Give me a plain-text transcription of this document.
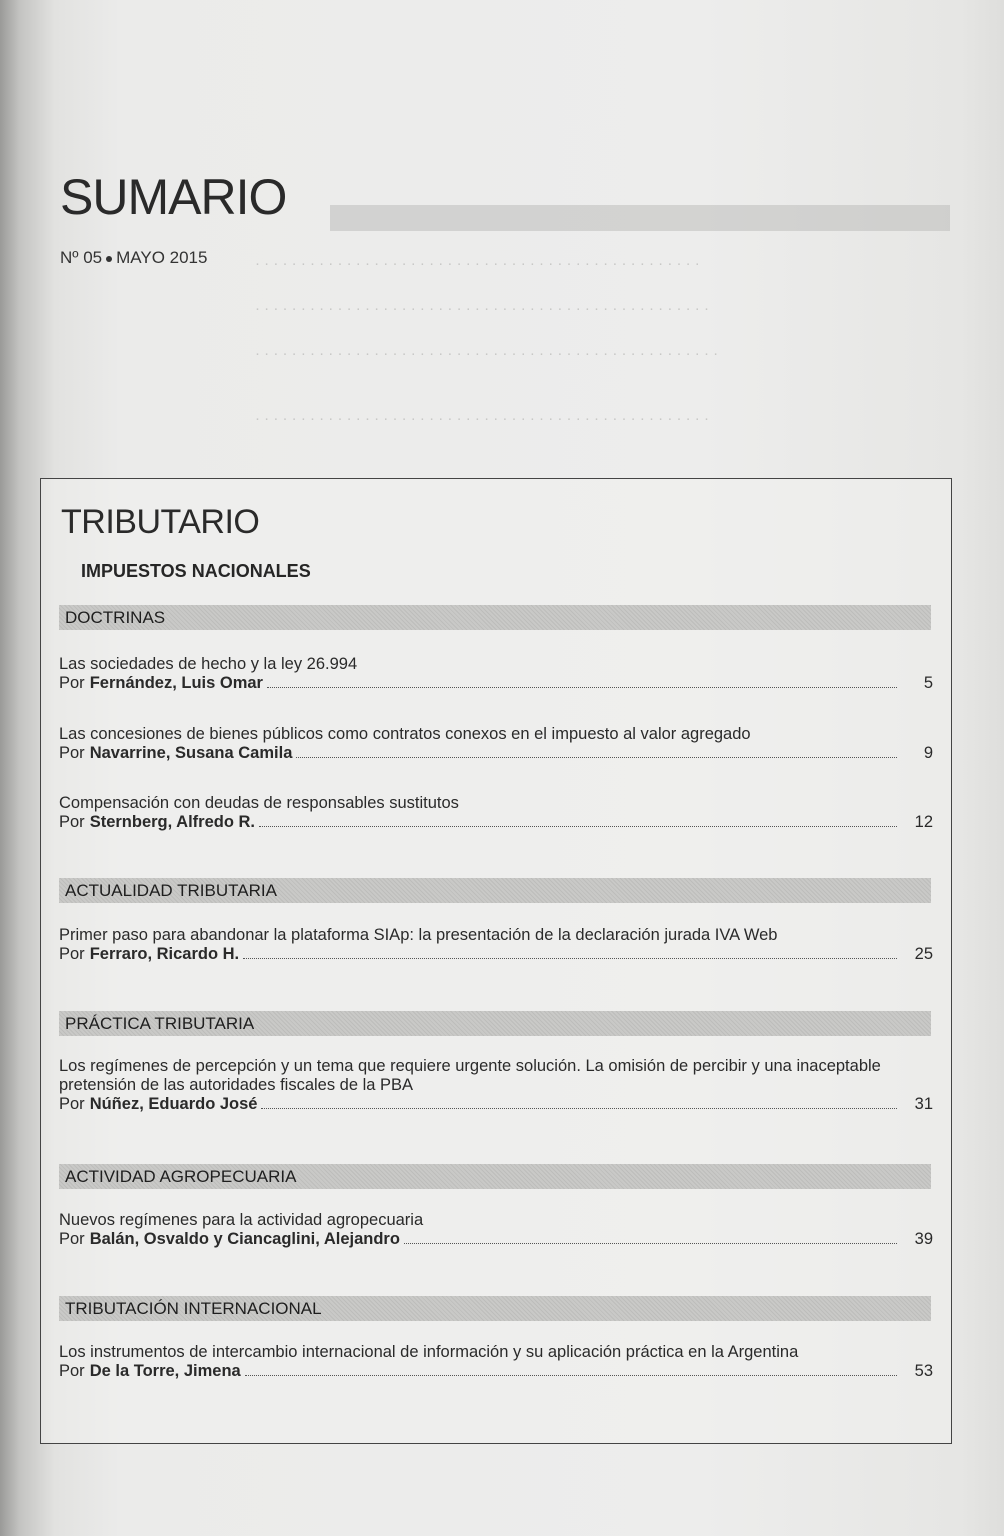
· · · · · · · · · · · · · · · · · · · · · · · · · · · · · · · · · · · · · · · · · · · · · · · · ·
· · · · · · · · · · · · · · · · · · · · · · · · · · · · · · · · · · · · · · · · · · · · · · · · · ·
· · · · · · · · · · · · · · · · · · · · · · · · · · · · · · · · · · · · · · · · · · · · · · · · · · ·
· · · · · · · · · · · · · · · · · · · · · · · · · · · · · · · · · · · · · · · · · · · · · · · · · ·
SUMARIO
Nº 05 MAYO 2015
TRIBUTARIO
IMPUESTOS NACIONALES
DOCTRINAS
Las sociedades de hecho y la ley 26.994
Por Fernández, Luis Omar	5
Las concesiones de bienes públicos como contratos conexos en el impuesto al valor agregado
Por Navarrine, Susana Camila	9
Compensación con deudas de responsables sustitutos
Por Sternberg, Alfredo R.	12
ACTUALIDAD TRIBUTARIA
Primer paso para abandonar la plataforma SIAp: la presentación de la declaración jurada IVA Web
Por Ferraro, Ricardo H.	25
PRÁCTICA TRIBUTARIA
Los regímenes de percepción y un tema que requiere urgente solución. La omisión de percibir y una inaceptable pretensión de las autoridades fiscales de la PBA
Por Núñez, Eduardo José	31
ACTIVIDAD AGROPECUARIA
Nuevos regímenes para la actividad agropecuaria
Por Balán, Osvaldo y Ciancaglini, Alejandro	39
TRIBUTACIÓN INTERNACIONAL
Los instrumentos de intercambio internacional de información y su aplicación práctica en la Argentina
Por De la Torre, Jimena	53
